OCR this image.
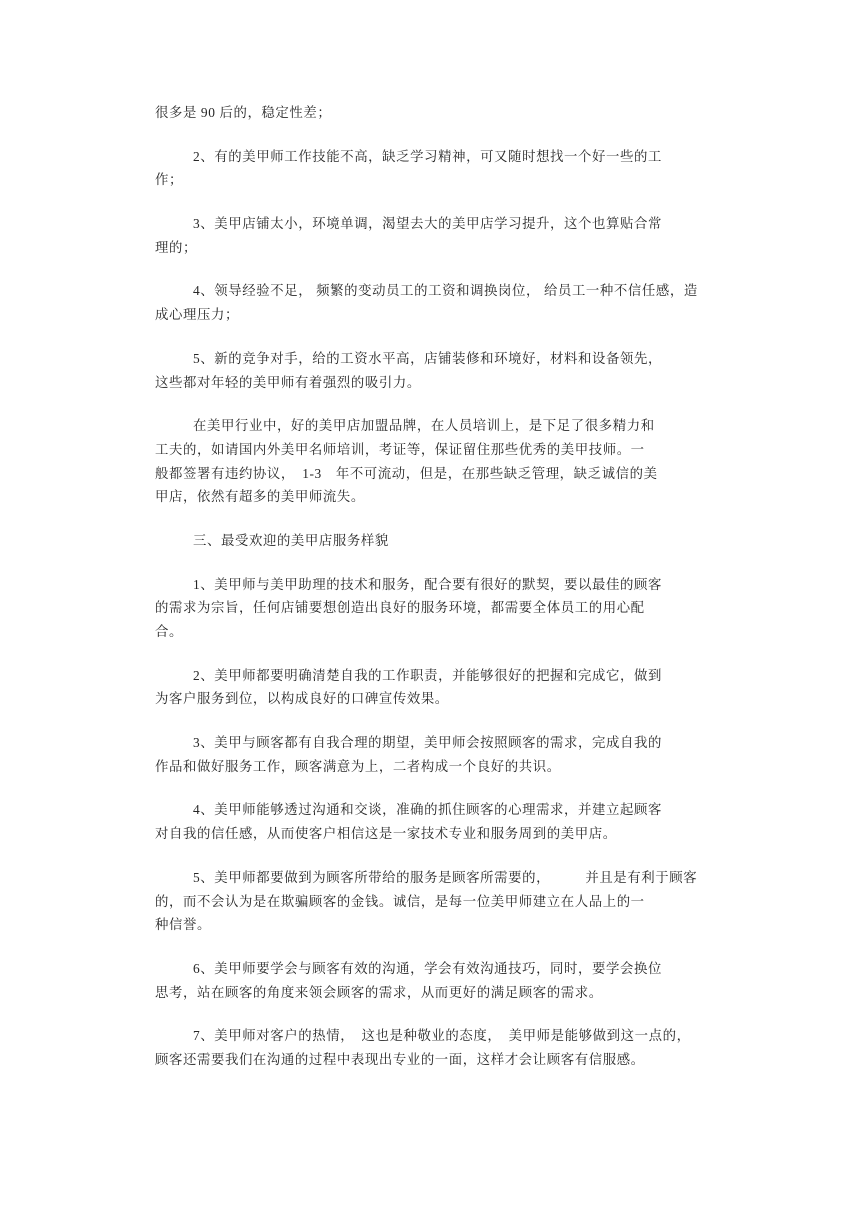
很多是 90 后的，稳定性差；
2、有的美甲师工作技能不高，缺乏学习精神，可又随时想找一个好一些的工
作；
3、美甲店铺太小，环境单调，渴望去大的美甲店学习提升，这个也算贴合常
理的；
4、领导经验不足， 频繁的变动员工的工资和调换岗位， 给员工一种不信任感，造
成心理压力；
5、新的竞争对手，给的工资水平高，店铺装修和环境好，材料和设备领先，
这些都对年轻的美甲师有着强烈的吸引力。
在美甲行业中，好的美甲店加盟品牌，在人员培训上，是下足了很多精力和
工夫的，如请国内外美甲名师培训，考证等，保证留住那些优秀的美甲技师。一
般都签署有违约协议，　1-3　年不可流动，但是，在那些缺乏管理，缺乏诚信的美
甲店，依然有超多的美甲师流失。
三、最受欢迎的美甲店服务样貌
1、美甲师与美甲助理的技术和服务，配合要有很好的默契，要以最佳的顾客
的需求为宗旨，任何店铺要想创造出良好的服务环境，都需要全体员工的用心配
合。
2、美甲师都要明确清楚自我的工作职责，并能够很好的把握和完成它，做到
为客户服务到位，以构成良好的口碑宣传效果。
3、美甲与顾客都有自我合理的期望，美甲师会按照顾客的需求，完成自我的
作品和做好服务工作，顾客满意为上，二者构成一个良好的共识。
4、美甲师能够透过沟通和交谈，准确的抓住顾客的心理需求，并建立起顾客
对自我的信任感，从而使客户相信这是一家技术专业和服务周到的美甲店。
5、美甲师都要做到为顾客所带给的服务是顾客所需要的，　　　并且是有利于顾客
的，而不会认为是在欺骗顾客的金钱。诚信，是每一位美甲师建立在人品上的一
种信誉。
6、美甲师要学会与顾客有效的沟通，学会有效沟通技巧，同时，要学会换位
思考，站在顾客的角度来领会顾客的需求，从而更好的满足顾客的需求。
7、美甲师对客户的热情，　这也是种敬业的态度，　美甲师是能够做到这一点的，
顾客还需要我们在沟通的过程中表现出专业的一面，这样才会让顾客有信服感。
